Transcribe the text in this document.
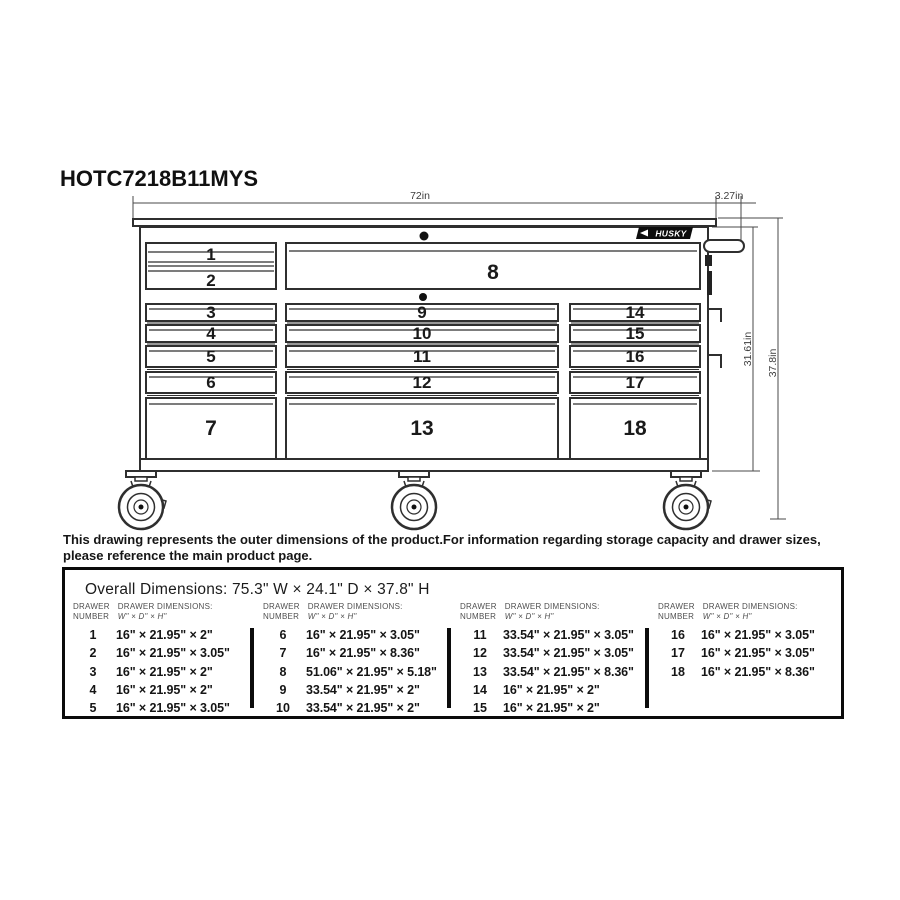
HOTC7218B11MYS
72in	3.27in
31.61in 37.8in
HUSKY
1
2	8
3
4
5
6
7
9
10
11
12
13
14
15
16
17
18
This drawing represents the outer dimensions of the product.For information regarding storage capacity and drawer sizes,
please reference the main product page.
Overall Dimensions: 75.3" W × 24.1" D × 37.8" H
DRAWER
NUMBER
DRAWER DIMENSIONS:
W" × D" × H"
1	16" × 21.95" × 2"
2	16" × 21.95" × 3.05"
3	16" × 21.95" × 2"
4	16" × 21.95" × 2"
5	16" × 21.95" × 3.05"
DRAWER
NUMBER
DRAWER DIMENSIONS:
W" × D" × H"
6	16" × 21.95" × 3.05"
7	16" × 21.95" × 8.36"
8	51.06" × 21.95" × 5.18"
9	33.54" × 21.95" × 2"
10	33.54" × 21.95" × 2"
DRAWER
NUMBER
DRAWER DIMENSIONS:
W" × D" × H"
11	33.54" × 21.95" × 3.05"
12	33.54" × 21.95" × 3.05"
13	33.54" × 21.95" × 8.36"
14	16" × 21.95" × 2"
15	16" × 21.95" × 2"
DRAWER
NUMBER
DRAWER DIMENSIONS:
W" × D" × H"
16	16" × 21.95" × 3.05"
17	16" × 21.95" × 3.05"
18	16" × 21.95" × 8.36"
